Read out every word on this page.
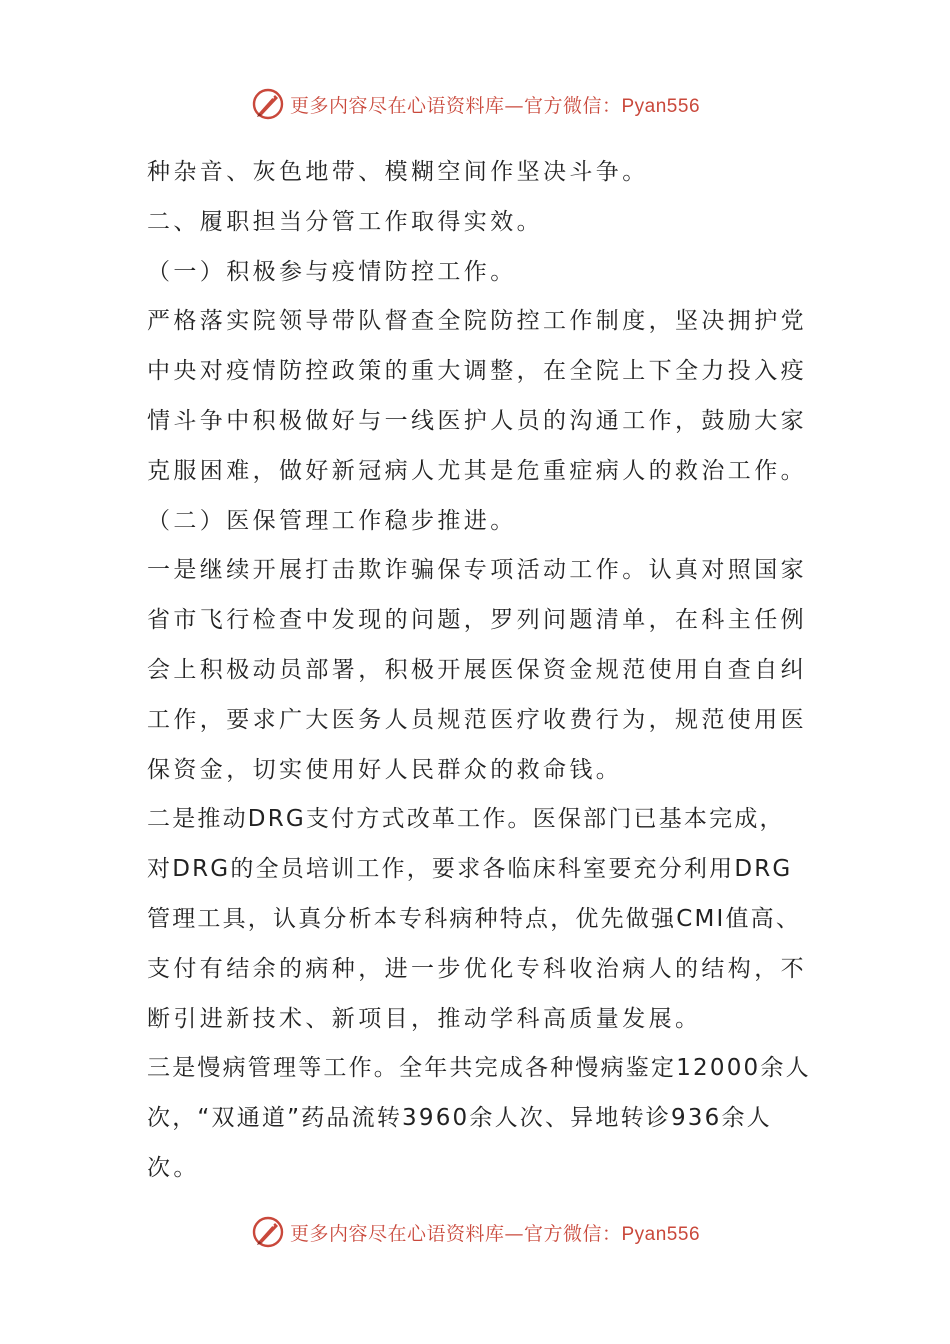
更多内容尽在心语资料库—官方微信：Pyan556
种杂音、灰色地带、模糊空间作坚决斗争。
二、履职担当分管工作取得实效。
（一）积极参与疫情防控工作。
严格落实院领导带队督查全院防控工作制度，坚决拥护党
中央对疫情防控政策的重大调整，在全院上下全力投入疫
情斗争中积极做好与一线医护人员的沟通工作，鼓励大家
克服困难，做好新冠病人尤其是危重症病人的救治工作。
（二）医保管理工作稳步推进。
一是继续开展打击欺诈骗保专项活动工作。认真对照国家
省市飞行检查中发现的问题，罗列问题清单，在科主任例
会上积极动员部署，积极开展医保资金规范使用自查自纠
工作，要求广大医务人员规范医疗收费行为，规范使用医
保资金，切实使用好人民群众的救命钱。
二是推动DRG支付方式改革工作。医保部门已基本完成，
对DRG的全员培训工作，要求各临床科室要充分利用DRG
管理工具，认真分析本专科病种特点，优先做强CMI值高、
支付有结余的病种，进一步优化专科收治病人的结构，不
断引进新技术、新项目，推动学科高质量发展。
三是慢病管理等工作。全年共完成各种慢病鉴定12000余人
次，“双通道”药品流转3960余人次、异地转诊936余人
次。
更多内容尽在心语资料库—官方微信：Pyan556
